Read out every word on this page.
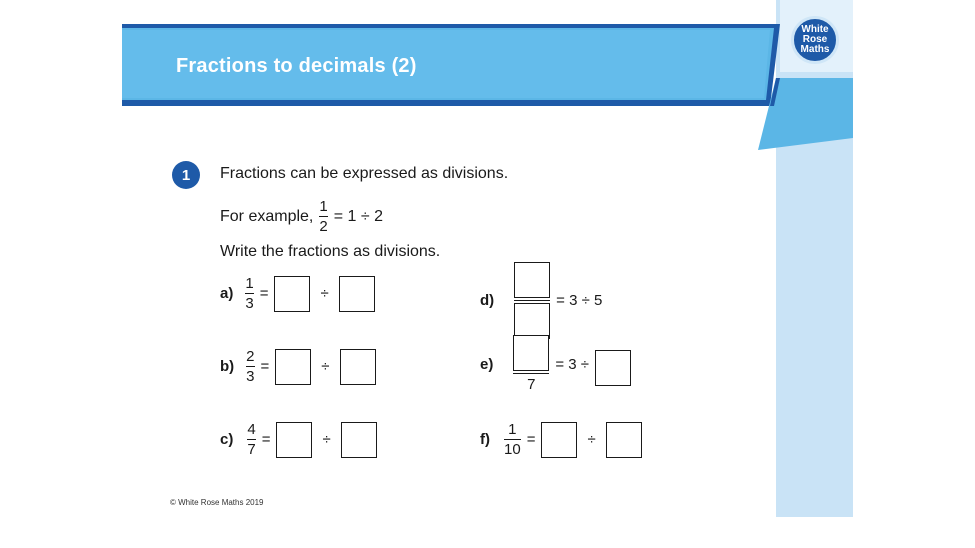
Fractions to decimals (2)
White
Rose
Maths
1	Fractions can be expressed as divisions.
For example, $\frac{1}{2} = 1 \div 2$
Write the fractions as divisions.
$a) \frac{1}{3}$ =	÷
$b) \frac{2}{3}$ =	÷
$c) \frac{4}{7}$ =	÷
d)	= 3 ÷ 5
e)
7
= 3 ÷
$f) \frac{1}{10}$ =	÷
© White Rose Maths 2019
